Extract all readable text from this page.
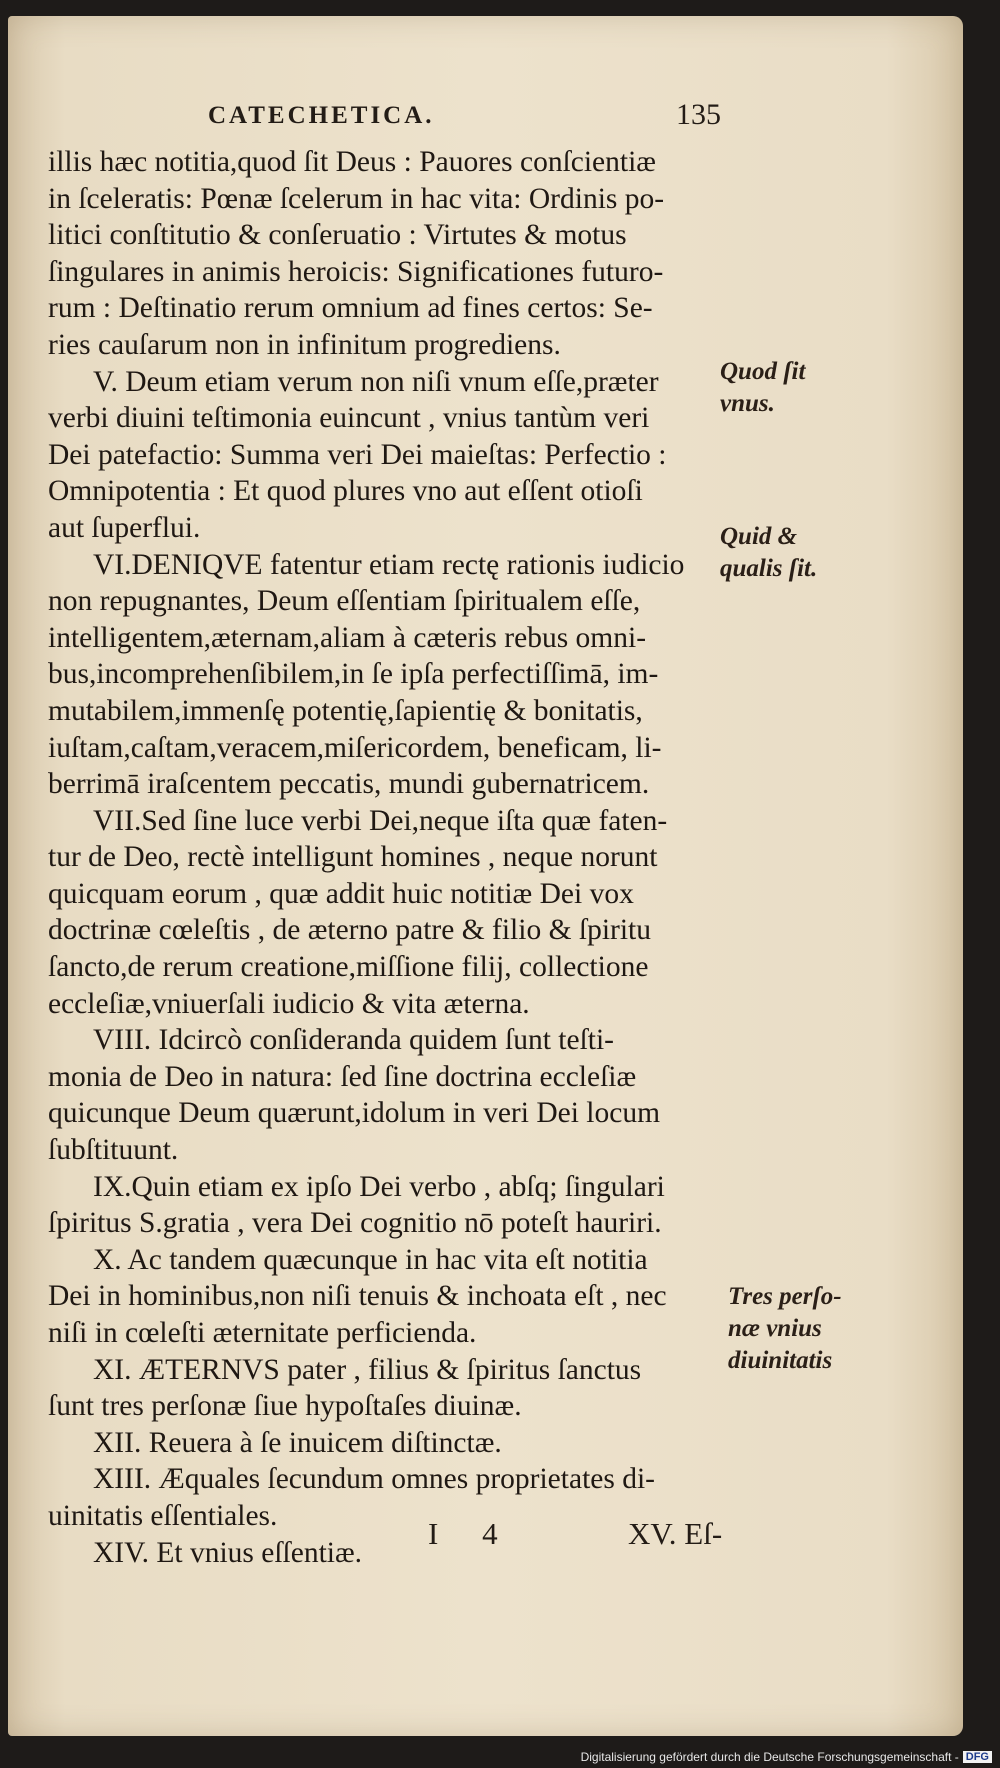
CATECHETICA.	135
illis hæc notitia,quod ſit Deus : Pauores conſcientiæ
in ſceleratis: Pœnæ ſcelerum in hac vita: Ordinis po-
litici conſtitutio & conſeruatio : Virtutes & motus
ſingulares in animis heroicis: Significationes futuro-
rum : Deſtinatio rerum omnium ad fines certos: Se-
ries cauſarum non in infinitum progrediens.
V. Deum etiam verum non niſi vnum eſſe,præter
verbi diuini teſtimonia euincunt , vnius tantùm veri
Dei patefactio: Summa veri Dei maieſtas: Perfectio :
Omnipotentia : Et quod plures vno aut eſſent otioſi
aut ſuperflui.
VI.DENIQVE fatentur etiam rectę rationis iudicio
non repugnantes, Deum eſſentiam ſpiritualem eſſe,
intelligentem,æternam,aliam à cæteris rebus omni-
bus,incomprehenſibilem,in ſe ipſa perfectiſſimā, im-
mutabilem,immenſę potentię,ſapientię & bonitatis,
iuſtam,caſtam,veracem,miſericordem, beneficam, li-
berrimā iraſcentem peccatis, mundi gubernatricem.
VII.Sed ſine luce verbi Dei,neque iſta quæ faten-
tur de Deo, rectè intelligunt homines , neque norunt
quicquam eorum , quæ addit huic notitiæ Dei vox
doctrinæ cœleſtis , de æterno patre & filio & ſpiritu
ſancto,de rerum creatione,miſſione filij, collectione
eccleſiæ,vniuerſali iudicio & vita æterna.
VIII. Idcircò conſideranda quidem ſunt teſti-
monia de Deo in natura: ſed ſine doctrina eccleſiæ
quicunque Deum quærunt,idolum in veri Dei locum
ſubſtituunt.
IX.Quin etiam ex ipſo Dei verbo , abſq; ſingulari
ſpiritus S.gratia , vera Dei cognitio nō poteſt hauriri.
X. Ac tandem quæcunque in hac vita eſt notitia
Dei in hominibus,non niſi tenuis & inchoata eſt , nec
niſi in cœleſti æternitate perficienda.
XI. ÆTERNVS pater , filius & ſpiritus ſanctus
ſunt tres perſonæ ſiue hypoſtaſes diuinæ.
XII. Reuera à ſe inuicem diſtinctæ.
XIII. Æquales ſecundum omnes proprietates di-
uinitatis eſſentiales.
XIV. Et vnius eſſentiæ.
Quod ſit
vnus.
Quid &
qualis ſit.
Tres perſo-
næ vnius
diuinitatis
I 4	XV. Eſ-
Digitalisierung gefördert durch die Deutsche Forschungsgemeinschaft - DFG
